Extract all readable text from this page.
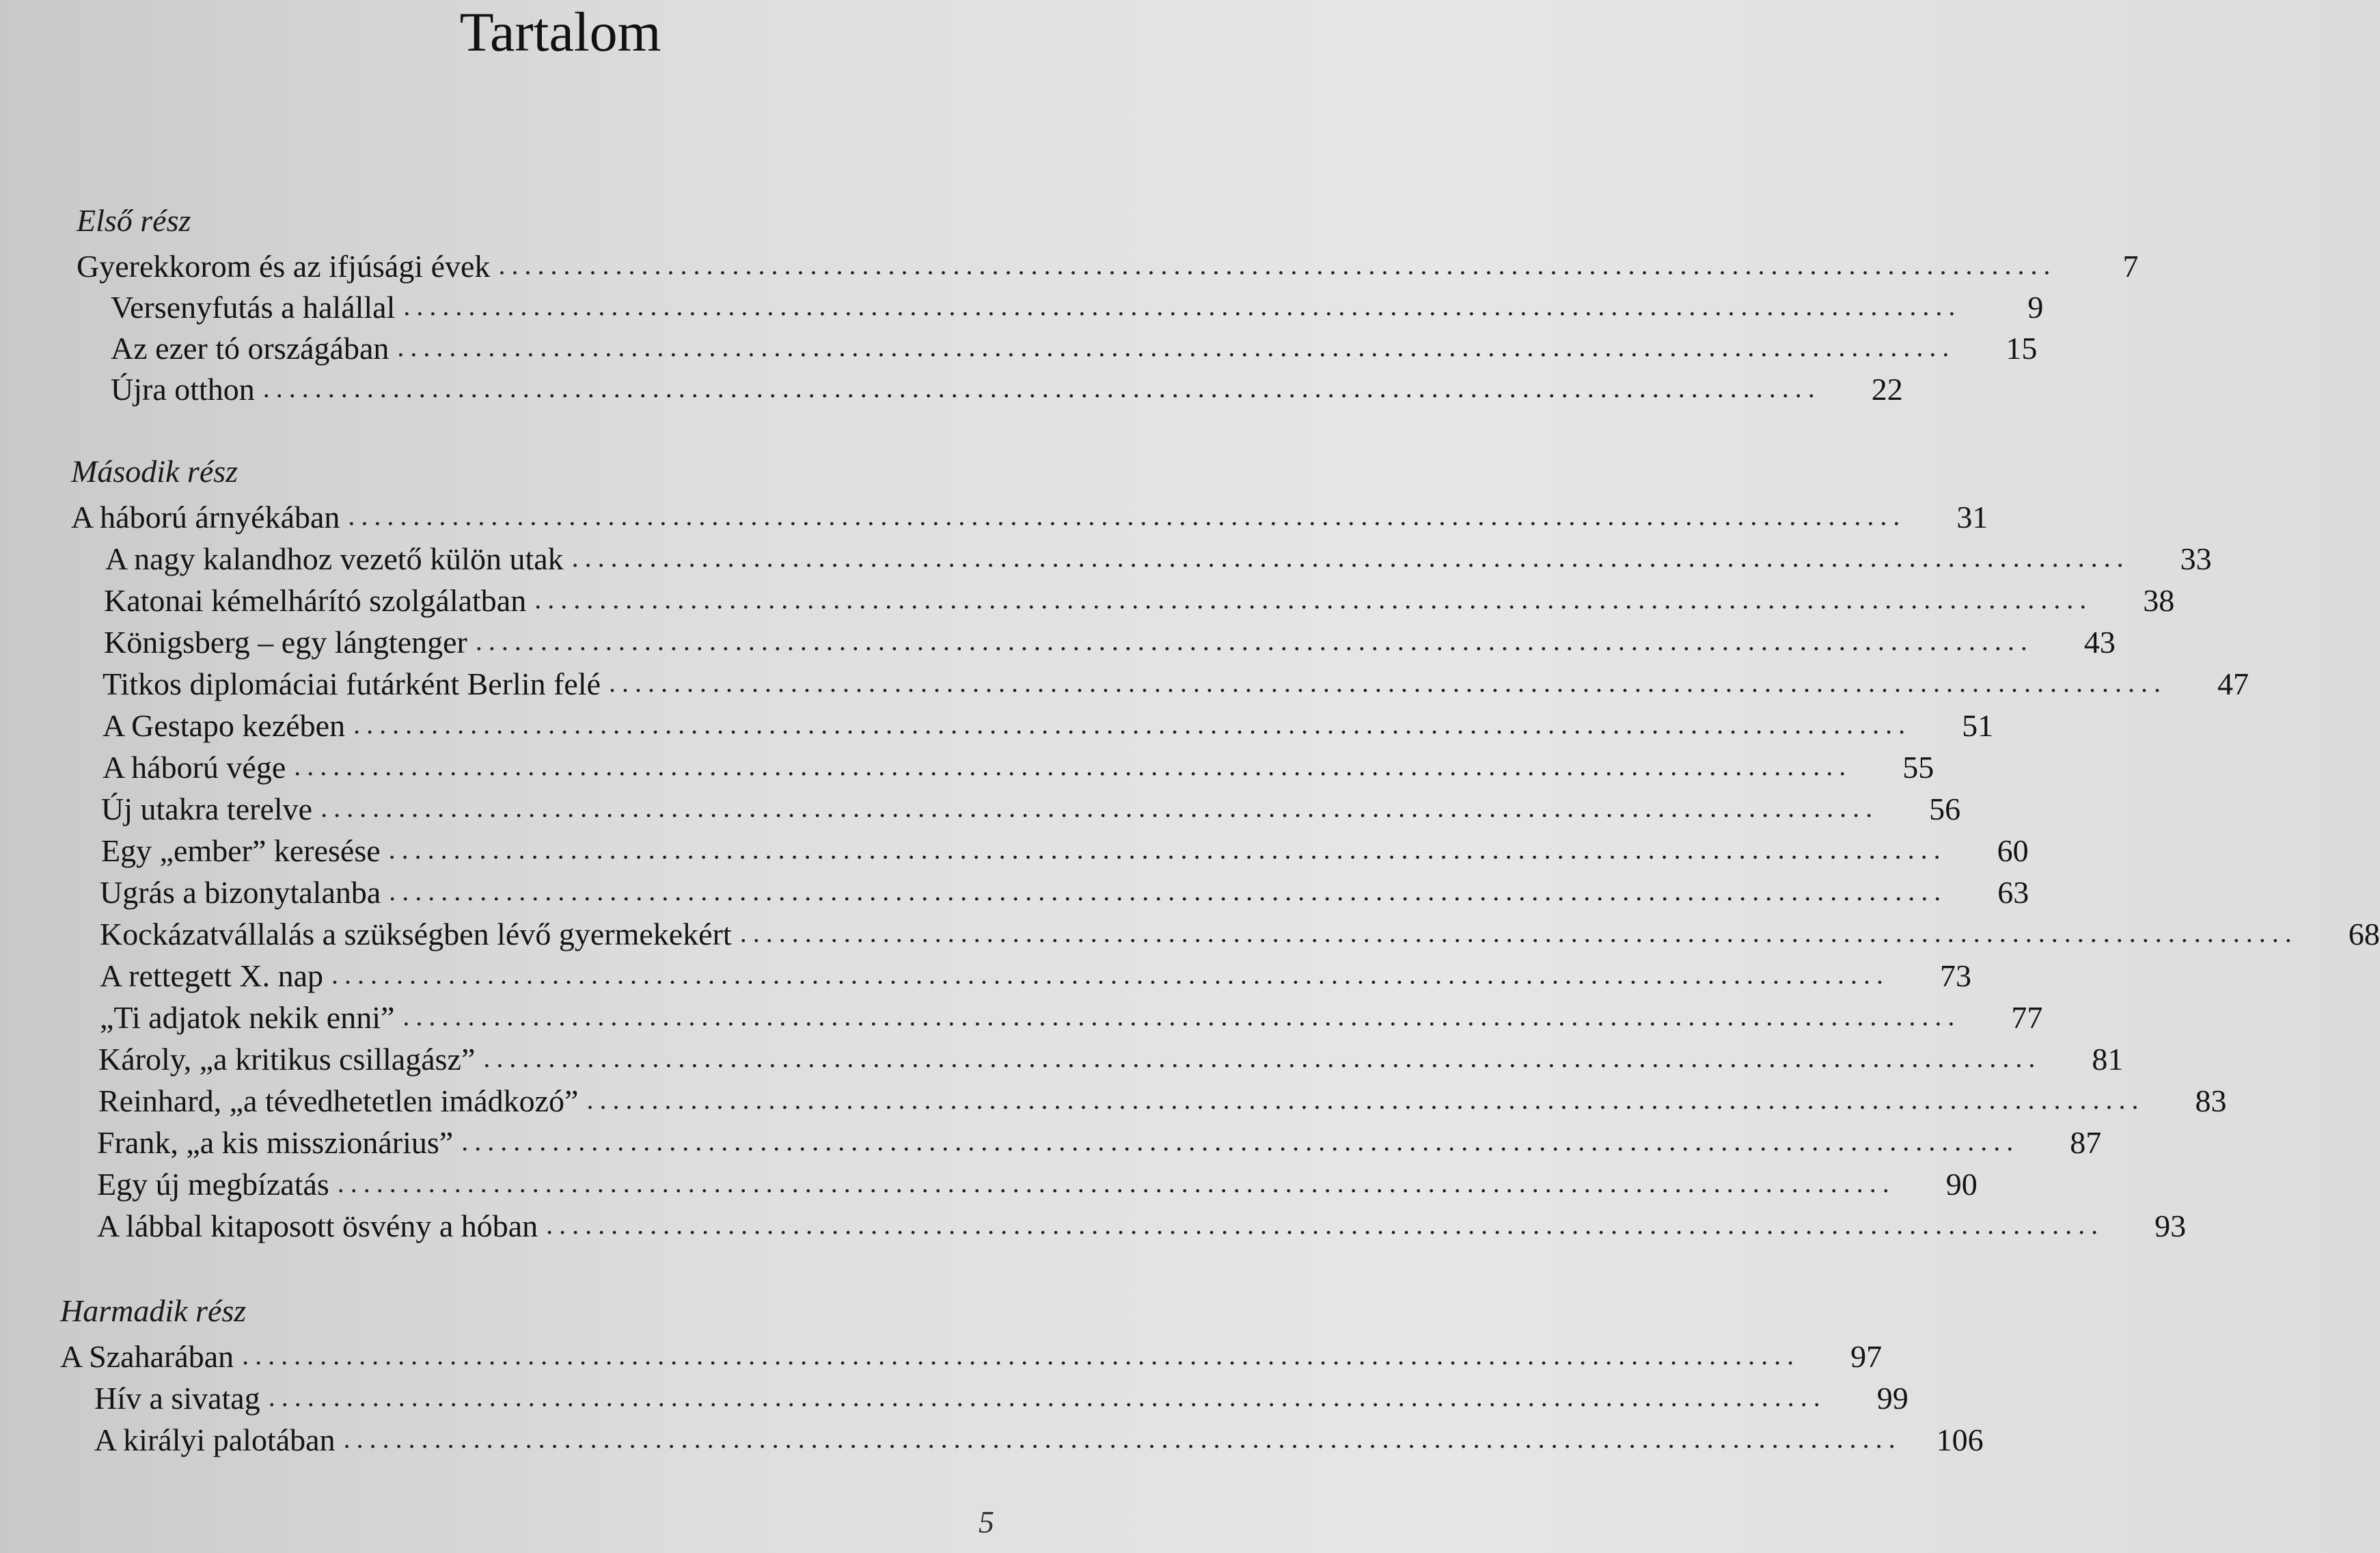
Tartalom
Első rész
Gyerekkorom és az ifjúsági évek ........................................................................................................................	7
Versenyfutás a halállal ........................................................................................................................	9
Az ezer tó országában ........................................................................................................................	15
Újra otthon ........................................................................................................................	22
Második rész
A háború árnyékában ........................................................................................................................	31
A nagy kalandhoz vezető külön utak ........................................................................................................................	33
Katonai kémelhárító szolgálatban ........................................................................................................................	38
Königsberg – egy lángtenger ........................................................................................................................	43
Titkos diplomáciai futárként Berlin felé ........................................................................................................................	47
A Gestapo kezében ........................................................................................................................	51
A háború vége ........................................................................................................................	55
Új utakra terelve ........................................................................................................................	56
Egy „ember” keresése ........................................................................................................................	60
Ugrás a bizonytalanba ........................................................................................................................	63
Kockázatvállalás a szükségben lévő gyermekekért ........................................................................................................................	68
A rettegett X. nap ........................................................................................................................	73
„Ti adjatok nekik enni” ........................................................................................................................	77
Károly, „a kritikus csillagász” ........................................................................................................................	81
Reinhard, „a tévedhetetlen imádkozó” ........................................................................................................................	83
Frank, „a kis misszionárius” ........................................................................................................................	87
Egy új megbízatás ........................................................................................................................	90
A lábbal kitaposott ösvény a hóban ........................................................................................................................	93
Harmadik rész
A Szaharában ........................................................................................................................	97
Hív a sivatag ........................................................................................................................	99
A királyi palotában ........................................................................................................................	106
5
